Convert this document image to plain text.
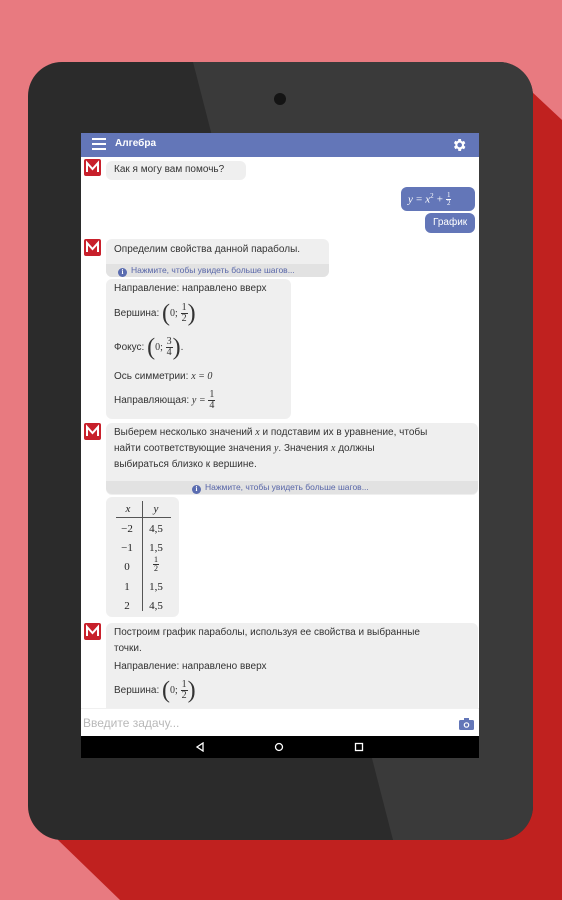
Алгебра
Как я могу вам помочь?
$y = x^2 + \frac{1}{2}$
График
Определим свойства данной параболы.
i Нажмите, чтобы увидеть больше шагов...
Направление: направлено вверх
Вершина: (0; $\frac{1}{2}$ )
Фокус: (0; $\frac{3}{4}$ ).
Ось симметрии: x = 0
Направляющая: $y = \frac{1}{4}$
Выберем несколько значений x и подставим их в уравнение, чтобы
найти соответствующие значения y. Значения x должны
выбираться близко к вершине.
i Нажмите, чтобы увидеть больше шагов...
x	y
−2	4,5
−1	1,5
0	$\frac{1}{2}$
1	1,5
2	4,5
Построим график параболы, используя ее свойства и выбранные
точки.
Направление: направлено вверх
Вершина: (0; $\frac{1}{2}$ )
Введите задачу...
